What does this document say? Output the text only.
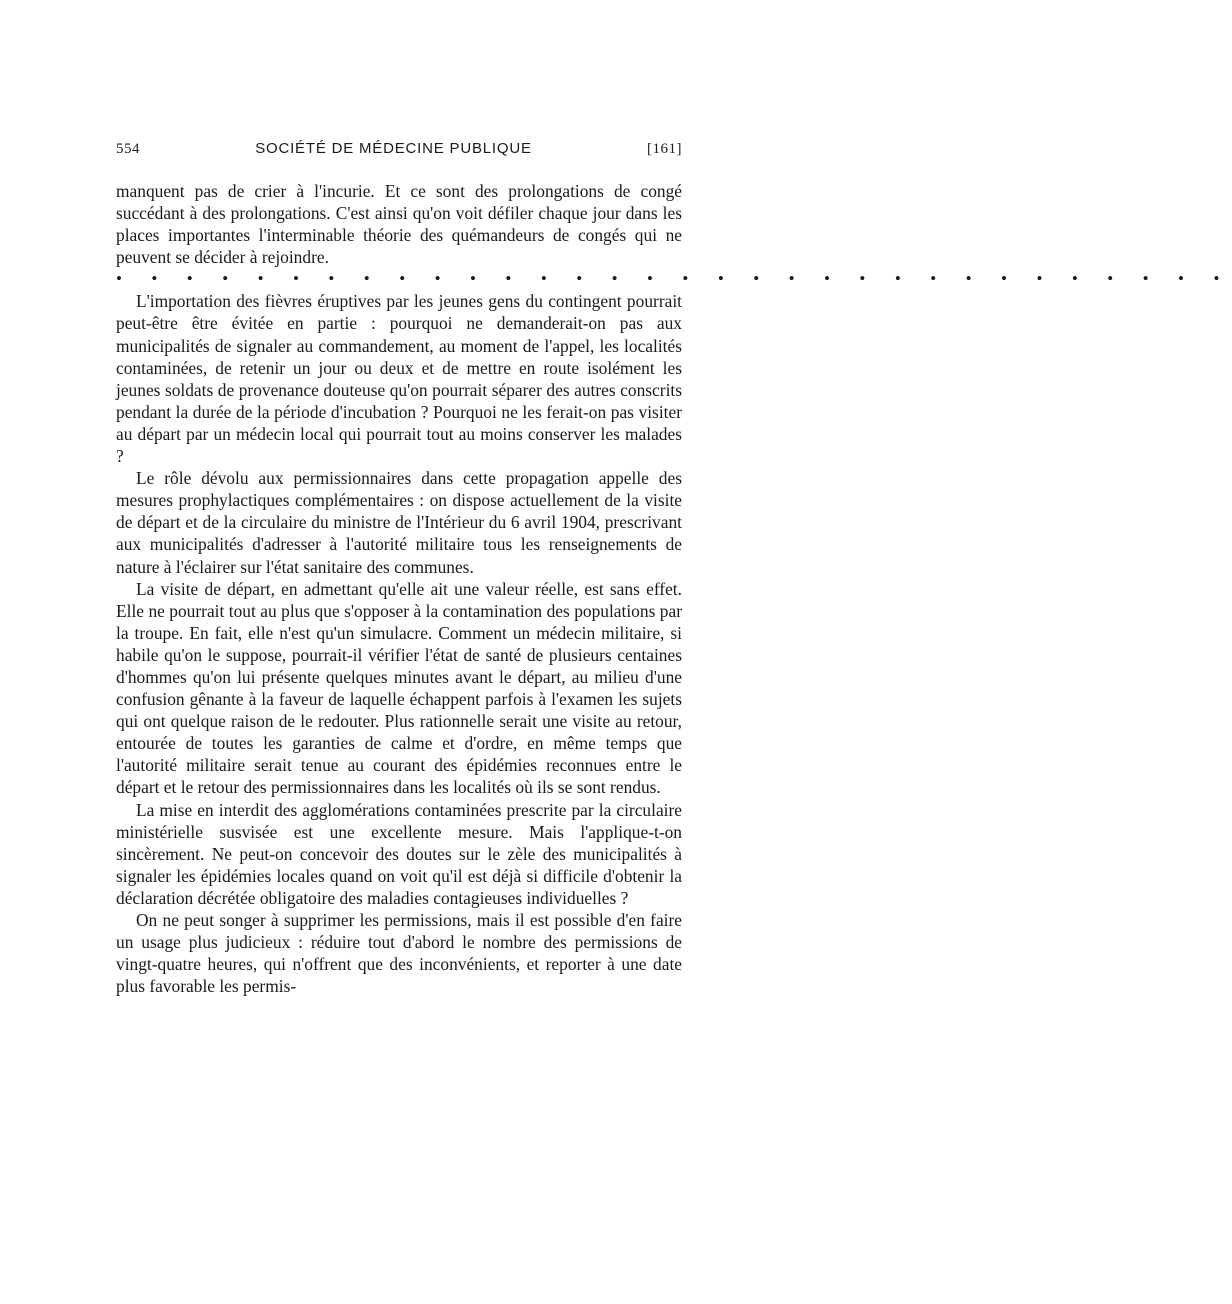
554	SOCIÉTÉ DE MÉDECINE PUBLIQUE	[161]

manquent pas de crier à l'incurie. Et ce sont des prolongations de congé succédant à des prolongations. C'est ainsi qu'on voit défiler chaque jour dans les places importantes l'interminable théorie des quémandeurs de congés qui ne peuvent se décider à rejoindre.

• • • • • • • • • • • • • • • • • • • • • • • • • • • • • • • •

L'importation des fièvres éruptives par les jeunes gens du contingent pourrait peut-être être évitée en partie : pourquoi ne demanderait-on pas aux municipalités de signaler au commandement, au moment de l'appel, les localités contaminées, de retenir un jour ou deux et de mettre en route isolément les jeunes soldats de provenance douteuse qu'on pourrait séparer des autres conscrits pendant la durée de la période d'incubation ? Pourquoi ne les ferait-on pas visiter au départ par un médecin local qui pourrait tout au moins conserver les malades ?

Le rôle dévolu aux permissionnaires dans cette propagation appelle des mesures prophylactiques complémentaires : on dispose actuellement de la visite de départ et de la circulaire du ministre de l'Intérieur du 6 avril 1904, prescrivant aux municipalités d'adresser à l'autorité militaire tous les renseignements de nature à l'éclairer sur l'état sanitaire des communes.

La visite de départ, en admettant qu'elle ait une valeur réelle, est sans effet. Elle ne pourrait tout au plus que s'opposer à la contamination des populations par la troupe. En fait, elle n'est qu'un simulacre. Comment un médecin militaire, si habile qu'on le suppose, pourrait-il vérifier l'état de santé de plusieurs centaines d'hommes qu'on lui présente quelques minutes avant le départ, au milieu d'une confusion gênante à la faveur de laquelle échappent parfois à l'examen les sujets qui ont quelque raison de le redouter. Plus rationnelle serait une visite au retour, entourée de toutes les garanties de calme et d'ordre, en même temps que l'autorité militaire serait tenue au courant des épidémies reconnues entre le départ et le retour des permissionnaires dans les localités où ils se sont rendus.

La mise en interdit des agglomérations contaminées prescrite par la circulaire ministérielle susvisée est une excellente mesure. Mais l'applique-t-on sincèrement. Ne peut-on concevoir des doutes sur le zèle des municipalités à signaler les épidémies locales quand on voit qu'il est déjà si difficile d'obtenir la déclaration décrétée obligatoire des maladies contagieuses individuelles ?

On ne peut songer à supprimer les permissions, mais il est possible d'en faire un usage plus judicieux : réduire tout d'abord le nombre des permissions de vingt-quatre heures, qui n'offrent que des inconvénients, et reporter à une date plus favorable les permis-
